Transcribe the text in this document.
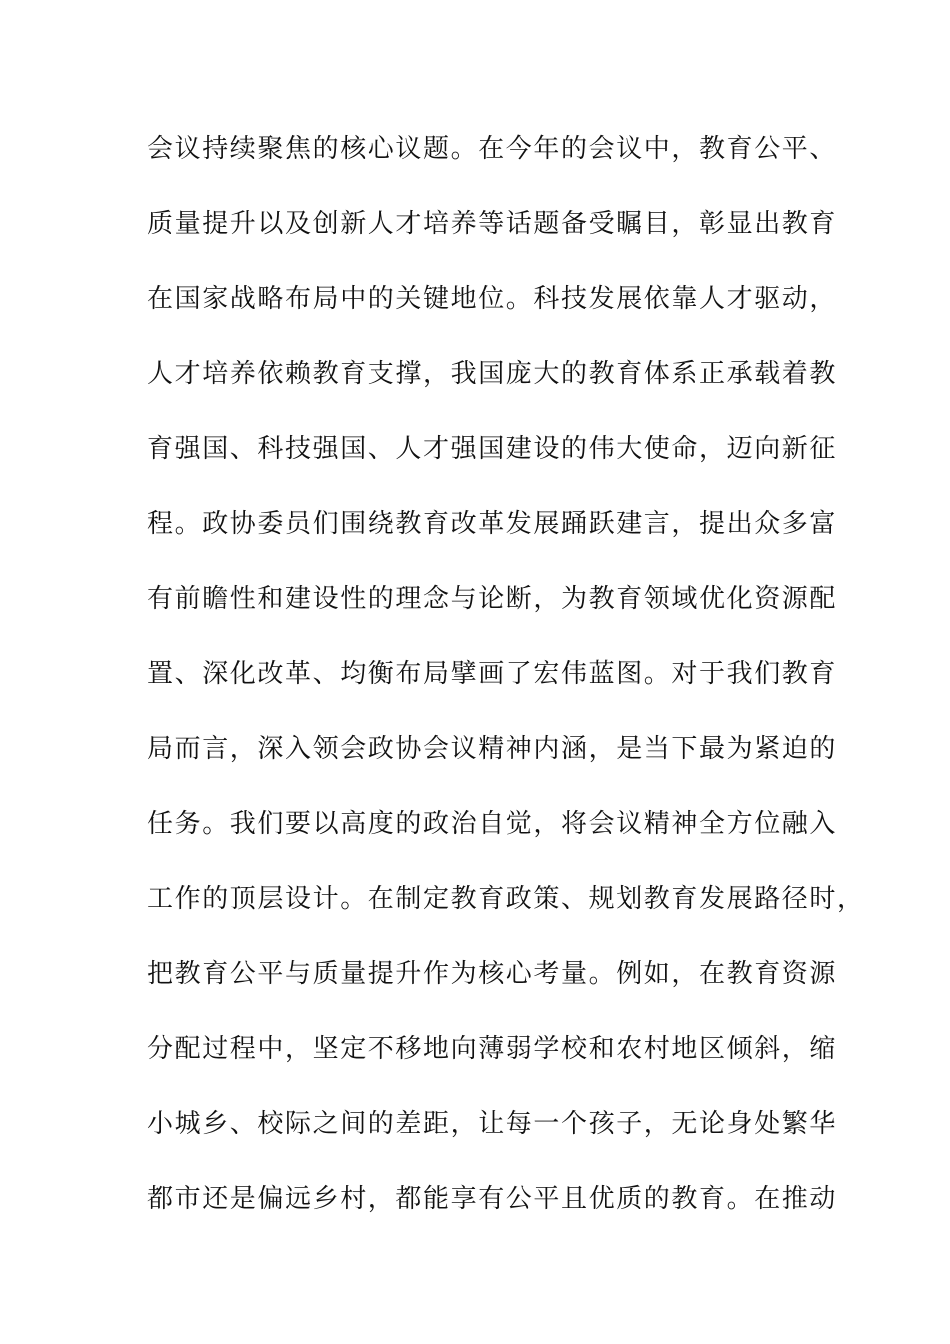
会议持续聚焦的核心议题。在今年的会议中，教育公平、
质量提升以及创新人才培养等话题备受瞩目，彰显出教育
在国家战略布局中的关键地位。科技发展依靠人才驱动，
人才培养依赖教育支撑，我国庞大的教育体系正承载着教
育强国、科技强国、人才强国建设的伟大使命，迈向新征
程。政协委员们围绕教育改革发展踊跃建言，提出众多富
有前瞻性和建设性的理念与论断，为教育领域优化资源配
置、深化改革、均衡布局擘画了宏伟蓝图。对于我们教育
局而言，深入领会政协会议精神内涵，是当下最为紧迫的
任务。我们要以高度的政治自觉，将会议精神全方位融入
工作的顶层设计。在制定教育政策、规划教育发展路径时，
把教育公平与质量提升作为核心考量。例如，在教育资源
分配过程中，坚定不移地向薄弱学校和农村地区倾斜，缩
小城乡、校际之间的差距，让每一个孩子，无论身处繁华
都市还是偏远乡村，都能享有公平且优质的教育。在推动
